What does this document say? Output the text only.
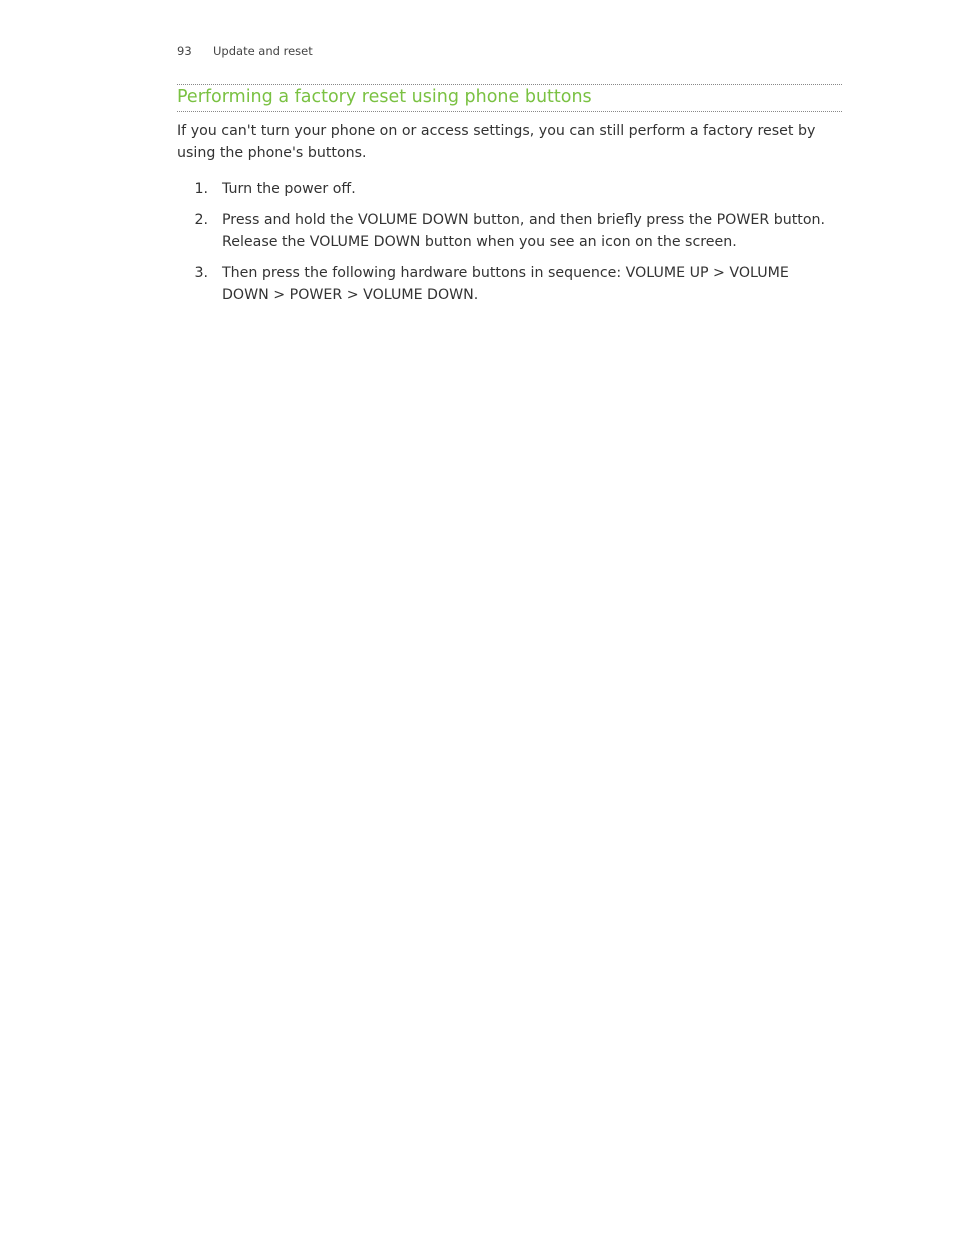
93 Update and reset
Performing a factory reset using phone buttons

If you can't turn your phone on or access settings, you can still perform a factory reset by using the phone's buttons.

1. Turn the power off.
2. Press and hold the VOLUME DOWN button, and then briefly press the POWER button. Release the VOLUME DOWN button when you see an icon on the screen.
3. Then press the following hardware buttons in sequence: VOLUME UP > VOLUME DOWN > POWER > VOLUME DOWN.
